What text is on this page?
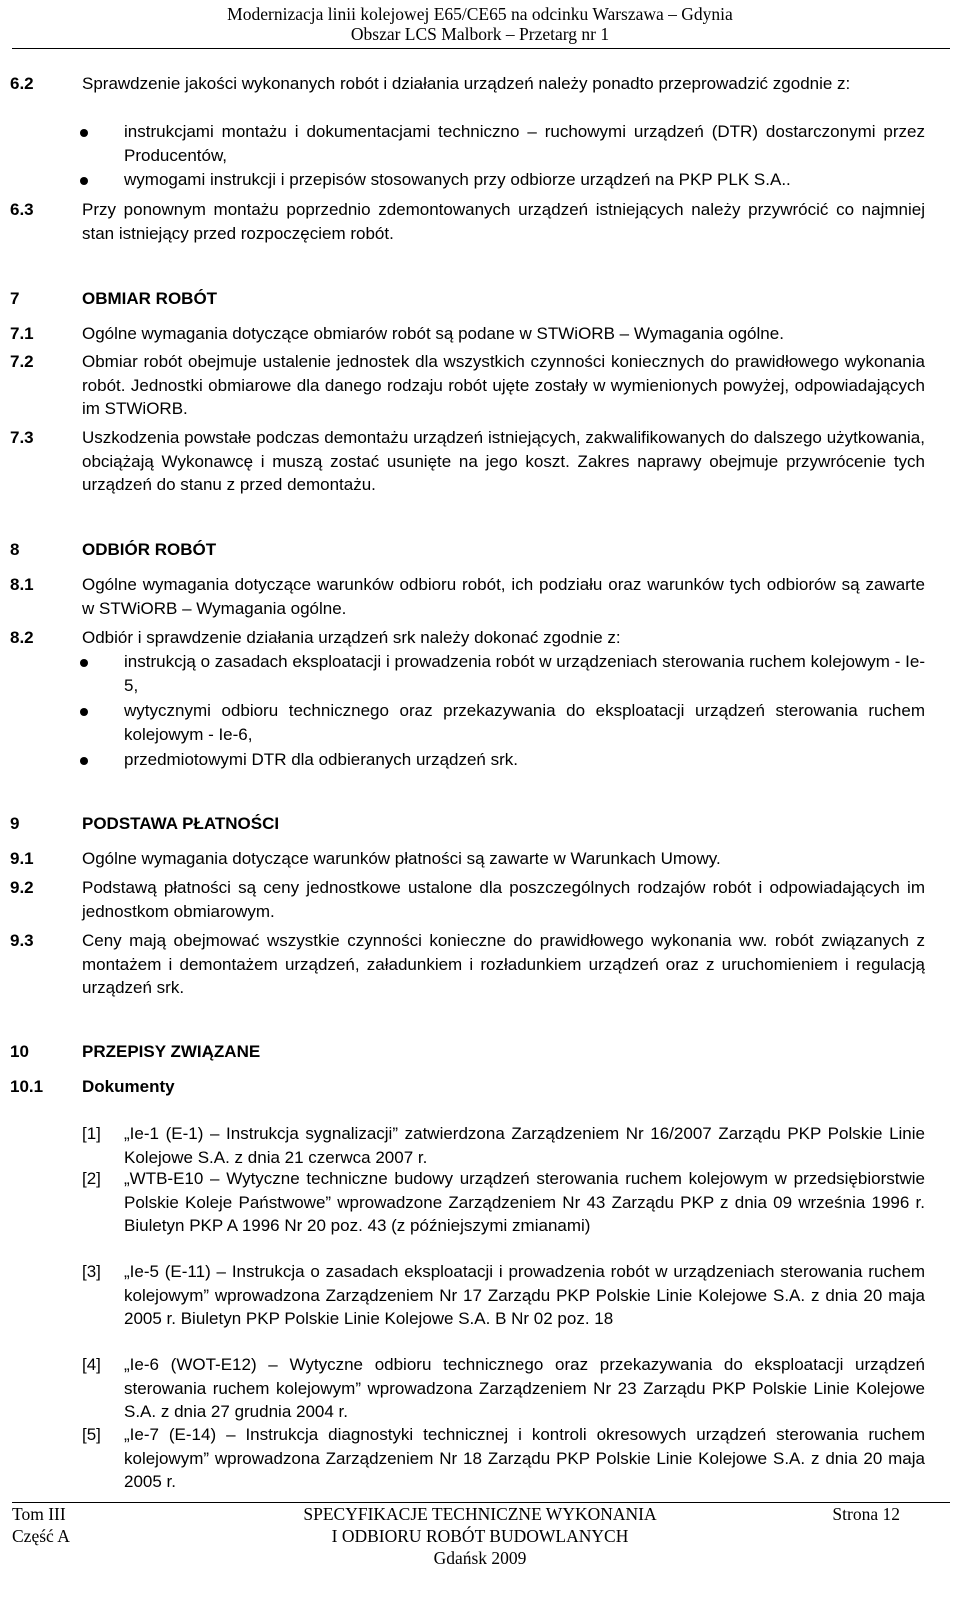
Modernizacja linii kolejowej E65/CE65 na odcinku Warszawa – Gdynia
Obszar LCS Malbork – Przetarg nr 1
6.2	Sprawdzenie jakości wykonanych robót i działania urządzeń należy ponadto przeprowadzić zgodnie z:
instrukcjami montażu i dokumentacjami techniczno – ruchowymi urządzeń (DTR) dostarczonymi przez Producentów,
wymogami instrukcji i przepisów stosowanych przy odbiorze urządzeń na PKP PLK S.A..
6.3	Przy ponownym montażu poprzednio zdemontowanych urządzeń istniejących należy przywrócić co najmniej stan istniejący przed rozpoczęciem robót.
7	OBMIAR ROBÓT
7.1	Ogólne wymagania dotyczące obmiarów robót są podane w STWiORB – Wymagania ogólne.
7.2	Obmiar robót obejmuje ustalenie jednostek dla wszystkich czynności koniecznych do prawidłowego wykonania robót. Jednostki obmiarowe dla danego rodzaju robót ujęte zostały w wymienionych powyżej, odpowiadających im STWiORB.
7.3	Uszkodzenia powstałe podczas demontażu urządzeń istniejących, zakwalifikowanych do dalszego użytkowania, obciążają Wykonawcę i muszą zostać usunięte na jego koszt. Zakres naprawy obejmuje przywrócenie tych urządzeń do stanu z przed demontażu.
8	ODBIÓR ROBÓT
8.1	Ogólne wymagania dotyczące warunków odbioru robót, ich podziału oraz warunków tych odbiorów są zawarte w STWiORB – Wymagania ogólne.
8.2	Odbiór i sprawdzenie działania urządzeń srk należy dokonać zgodnie z:
instrukcją o zasadach eksploatacji i prowadzenia robót w urządzeniach sterowania ruchem kolejowym - Ie-5,
wytycznymi odbioru technicznego oraz przekazywania do eksploatacji urządzeń sterowania ruchem kolejowym - Ie-6,
przedmiotowymi DTR dla odbieranych urządzeń srk.
9	PODSTAWA PŁATNOŚCI
9.1	Ogólne wymagania dotyczące warunków płatności są zawarte w Warunkach Umowy.
9.2	Podstawą płatności są ceny jednostkowe ustalone dla poszczególnych rodzajów robót i odpowiadających im jednostkom obmiarowym.
9.3	Ceny mają obejmować wszystkie czynności konieczne do prawidłowego wykonania ww. robót związanych z montażem i demontażem urządzeń, załadunkiem i rozładunkiem urządzeń oraz z uruchomieniem i regulacją urządzeń srk.
10	PRZEPISY ZWIĄZANE
10.1 Dokumenty
[1] „Ie-1 (E-1) – Instrukcja sygnalizacji” zatwierdzona Zarządzeniem Nr 16/2007 Zarządu PKP Polskie Linie Kolejowe S.A. z dnia 21 czerwca 2007 r.
[2] „WTB-E10 – Wytyczne techniczne budowy urządzeń sterowania ruchem kolejowym w przedsiębiorstwie Polskie Koleje Państwowe” wprowadzone Zarządzeniem Nr 43 Zarządu PKP z dnia 09 września 1996 r. Biuletyn PKP A 1996 Nr 20 poz. 43 (z późniejszymi zmianami)
[3] „Ie-5 (E-11) – Instrukcja o zasadach eksploatacji i prowadzenia robót w urządzeniach sterowania ruchem kolejowym” wprowadzona Zarządzeniem Nr 17 Zarządu PKP Polskie Linie Kolejowe S.A. z dnia 20 maja 2005 r. Biuletyn PKP Polskie Linie Kolejowe S.A. B Nr 02 poz. 18
[4] „Ie-6 (WOT-E12) – Wytyczne odbioru technicznego oraz przekazywania do eksploatacji urządzeń sterowania ruchem kolejowym” wprowadzona Zarządzeniem Nr 23 Zarządu PKP Polskie Linie Kolejowe S.A. z dnia 27 grudnia 2004 r.
[5] „Ie-7 (E-14) – Instrukcja diagnostyki technicznej i kontroli okresowych urządzeń sterowania ruchem kolejowym” wprowadzona Zarządzeniem Nr 18 Zarządu PKP Polskie Linie Kolejowe S.A. z dnia 20 maja 2005 r.
Tom III
Część A
SPECYFIKACJE TECHNICZNE WYKONANIA
I ODBIORU ROBÓT BUDOWLANYCH
Gdańsk 2009
Strona 12
